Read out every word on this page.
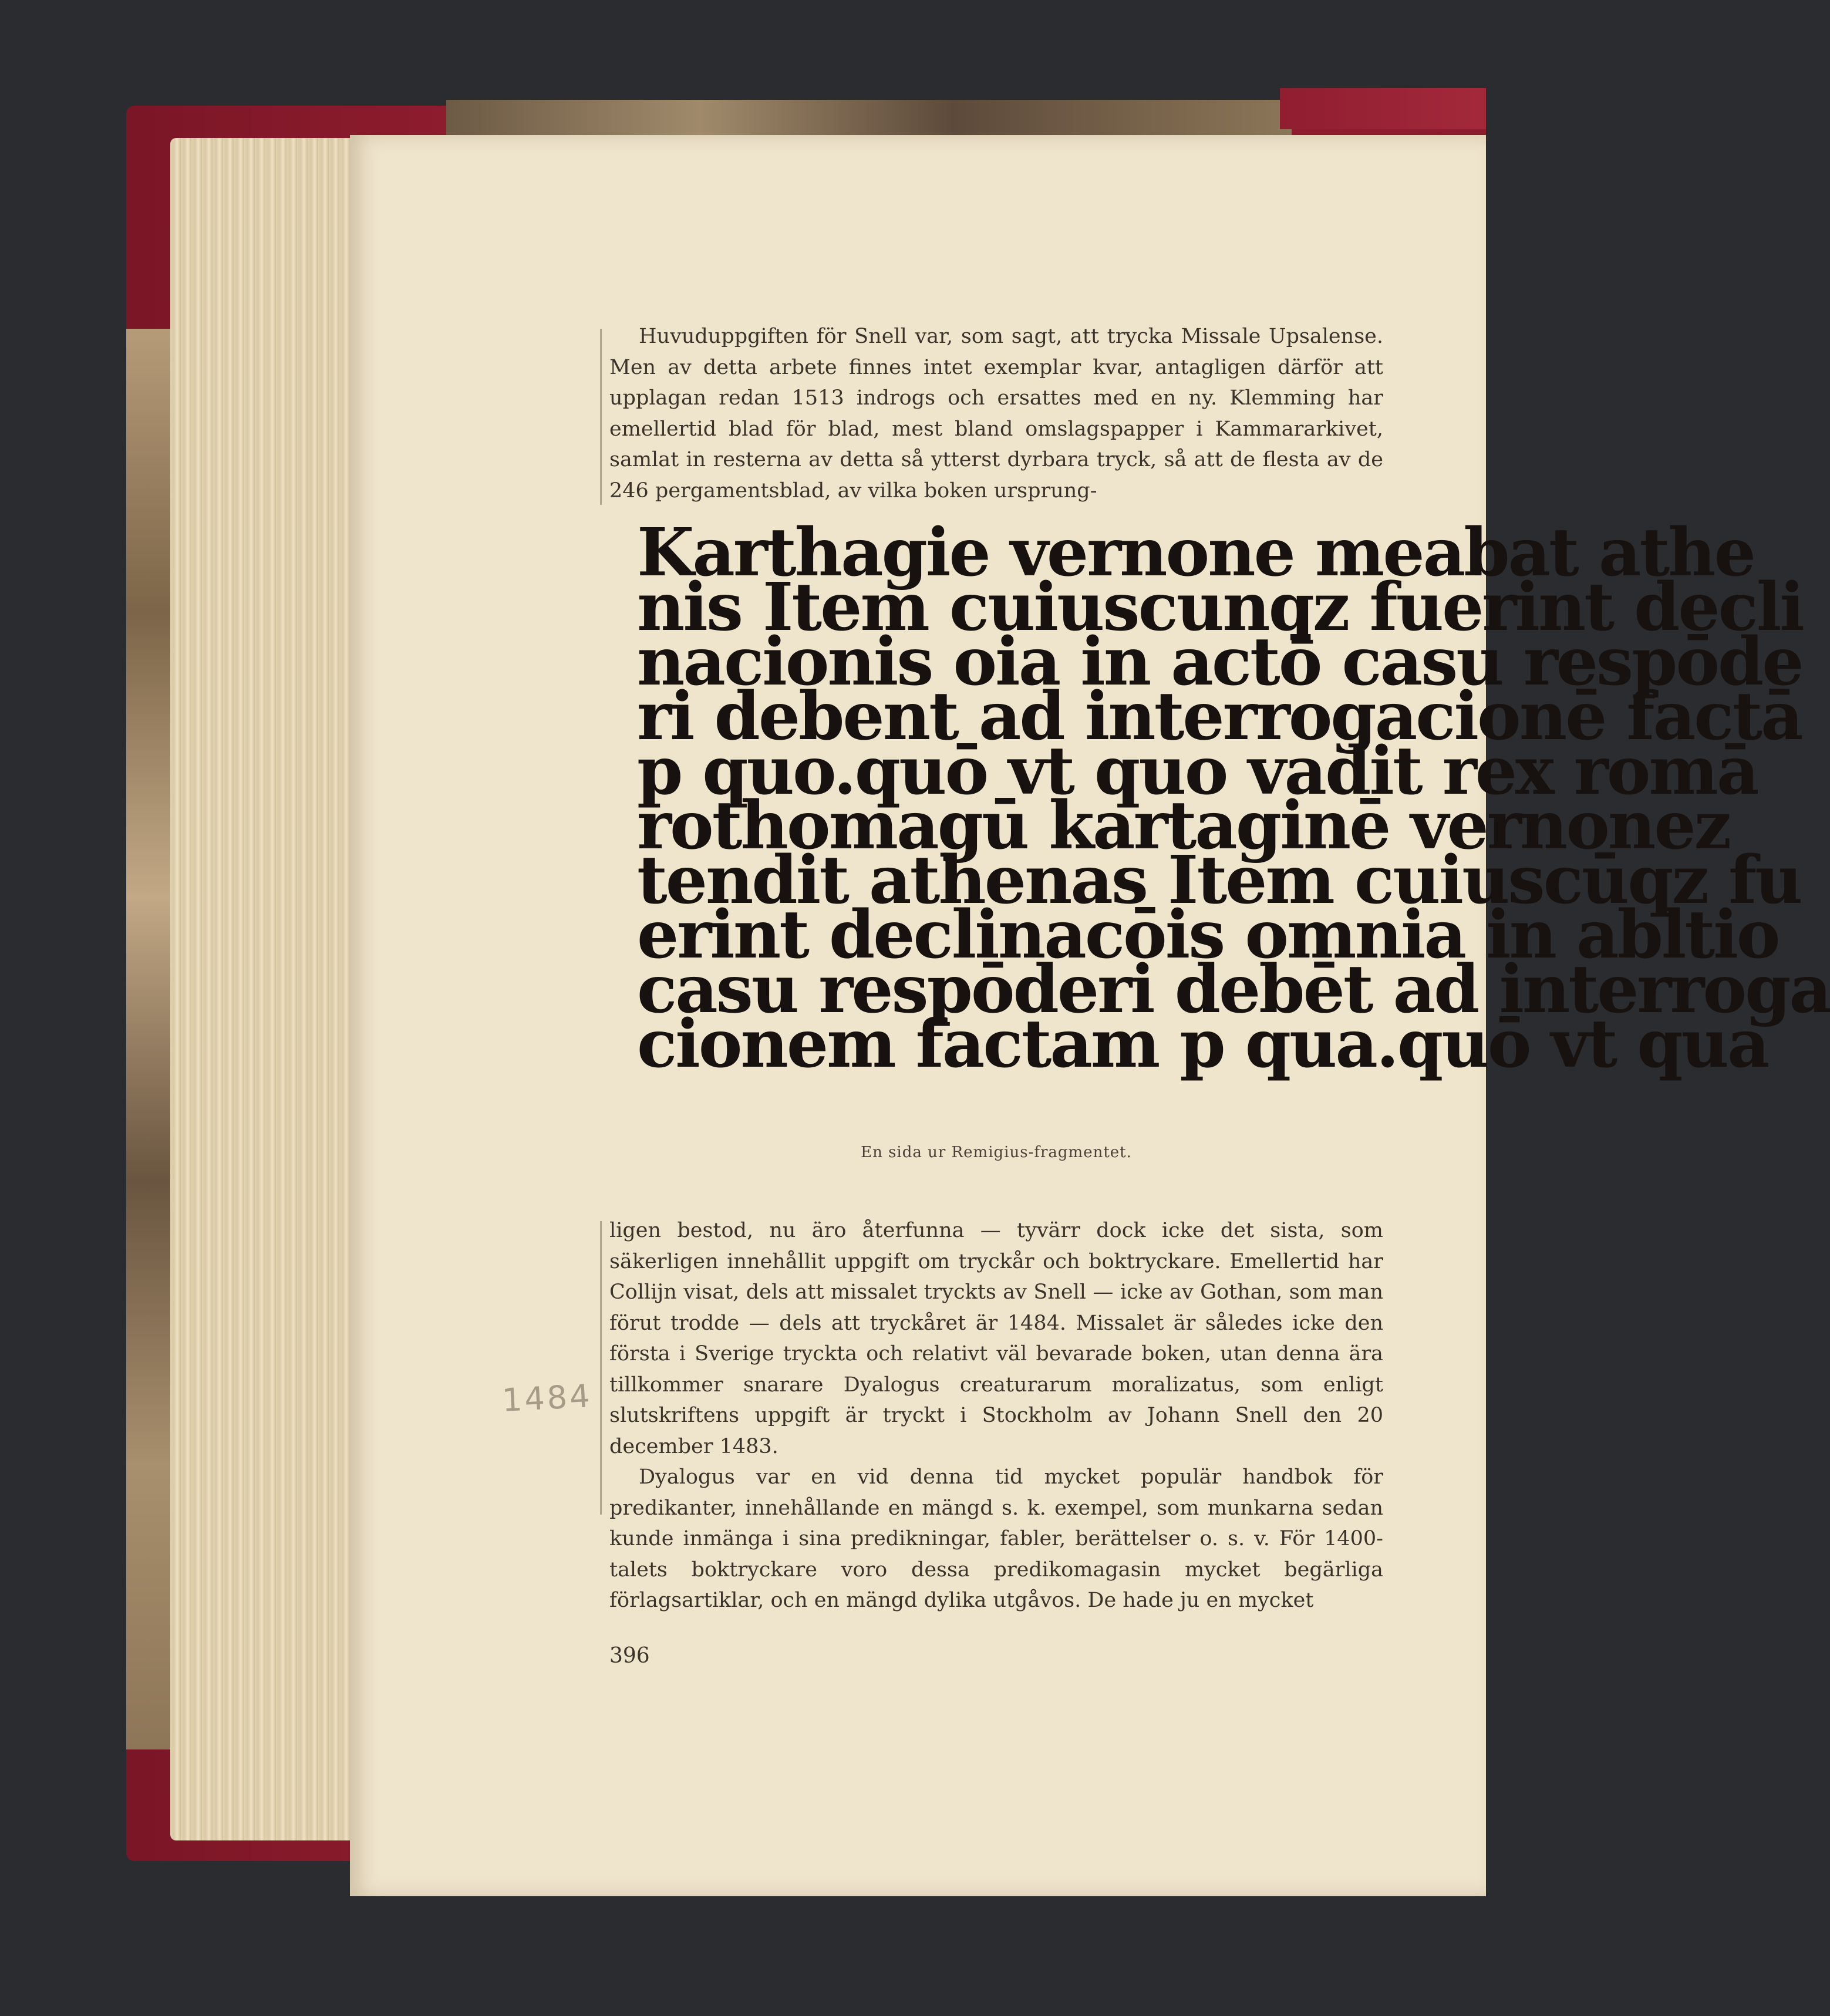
Huvuduppgiften för Snell var, som sagt, att trycka Missale Upsalense. Men av detta arbete finnes intet exemplar kvar, antagligen därför att upplagan redan 1513 indrogs och ersattes med en ny. Klemming har emellertid blad för blad, mest bland omslagspapper i Kammararkivet, samlat in resterna av detta så ytterst dyrbara tryck, så att de flesta av de 246 pergamentsblad, av vilka boken ursprung-

Karthagie vernone meabat athe
nis Item cuiuscunqz fuerint decli
nacionis oia in actō casu respōde
ri debent ad interrogacionē factā
p quo.quō vt quo vadit rex romā
rothomagū kartaginē vernonez
tendit athenas Item cuiuscūqz fu
erint declinacōis omnia in abltio
casu respōderi debēt ad interroga
cionem factam p qua.quō vt qua
En sida ur Remigius-fragmentet.

ligen bestod, nu äro återfunna — tyvärr dock icke det sista, som säkerligen innehållit uppgift om tryckår och boktryckare. Emellertid har Collijn visat, dels att missalet tryckts av Snell — icke av Gothan, som man förut trodde — dels att tryckåret är 1484. Missalet är således icke den första i Sverige tryckta och relativt väl bevarade boken, utan denna ära tillkommer snarare Dyalogus creaturarum moralizatus, som enligt slutskriftens uppgift är tryckt i Stockholm av Johann Snell den 20 december 1483.

Dyalogus var en vid denna tid mycket populär handbok för predikanter, innehållande en mängd s. k. exempel, som munkarna sedan kunde inmänga i sina predikningar, fabler, berättelser o. s. v. För 1400-talets boktryckare voro dessa predikomagasin mycket begärliga förlagsartiklar, och en mängd dylika utgåvos. De hade ju en mycket

1484
396
